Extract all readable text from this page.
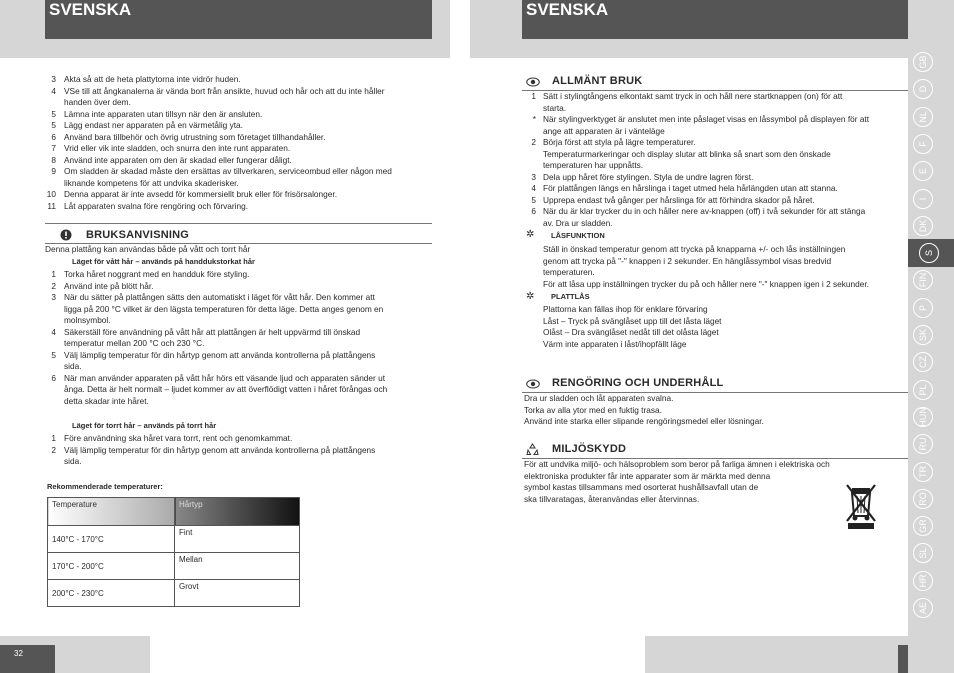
SVENSKA
32
SVENSKA
GB
D
NL
F
E
I
DK
S
FIN
P
SK
CZ
PL
HUN
RU
TR
RO
GR
SL
HR
AE
3 Akta så att de heta plattytorna inte vidrör huden.
4 VSe till att ångkanalerna är vända bort från ansikte, huvud och hår och att du inte håller
handen över dem.
5 Lämna inte apparaten utan tillsyn när den är ansluten.
5 Lägg endast ner apparaten på en värmetålig yta.
6 Använd bara tillbehör och övrig utrustning som företaget tillhandahåller.
7 Vrid eller vik inte sladden, och snurra den inte runt apparaten.
8 Använd inte apparaten om den är skadad eller fungerar dåligt.
9 Om sladden är skadad måste den ersättas av tillverkaren, serviceombud eller någon med
liknande kompetens för att undvika skaderisker.
10 Denna apparat är inte avsedd för kommersiellt bruk eller för frisörsalonger.
11 Låt apparaten svalna före rengöring och förvaring.
BRUKSANVISNING
Denna plattång kan användas både på vått och torrt hår
Läget för vått hår – används på handdukstorkat hår
1 Torka håret noggrant med en handduk före styling.
2 Använd inte på blött hår.
3 När du sätter på plattången sätts den automatiskt i läget för vått hår. Den kommer att
ligga på 200 °C vilket är den lägsta temperaturen för detta läge. Detta anges genom en
molnsymbol.
4 Säkerställ före användning på vått hår att plattången är helt uppvärmd till önskad
temperatur mellan 200 °C och 230 °C.
5 Välj lämplig temperatur för din hårtyp genom att använda kontrollerna på plattångens
sida.
6 När man använder apparaten på vått hår hörs ett väsande ljud och apparaten sänder ut
ånga. Detta är helt normalt – ljudet kommer av att överflödigt vatten i håret förångas och
detta skadar inte håret.
Läget för torrt hår – används på torrt hår
1 Före användning ska håret vara torrt, rent och genomkammat.
2 Välj lämplig temperatur för din hårtyp genom att använda kontrollerna på plattångens
sida.
Rekommenderade temperaturer:
Temperature	Hårtyp
140°C - 170°C	Fint
170°C - 200°C	Mellan
200°C - 230°C	Grovt
ALLMÄNT BRUK
1 Sätt i stylingtångens elkontakt samt tryck in och håll nere startknappen (on) för att
starta.
* När stylingverktyget är anslutet men inte påslaget visas en låssymbol på displayen för att
ange att apparaten är i vänteläge
2 Börja först att styla på lägre temperaturer.
Temperaturmarkeringar och display slutar att blinka så snart som den önskade
temperaturen har uppnåtts.
3 Dela upp håret före stylingen. Styla de undre lagren först.
4 För plattången längs en hårslinga i taget utmed hela hårlängden utan att stanna.
5 Upprepa endast två gånger per hårslinga för att förhindra skador på håret.
6 När du är klar trycker du in och håller nere av-knappen (off) i två sekunder för att stänga
av. Dra ur sladden.
✲ LÅSFUNKTION
Ställ in önskad temperatur genom att trycka på knapparna +/- och lås inställningen
genom att trycka på "-" knappen i 2 sekunder. En hänglåssymbol visas bredvid
temperaturen.
För att låsa upp inställningen trycker du på och håller nere "-" knappen igen i 2 sekunder.
✲ PLATTLÅS
Plattorna kan fällas ihop för enklare förvaring
Låst – Tryck på svänglåset upp till det låsta läget
Olåst – Dra svänglåset nedåt till det olåsta läget
Värm inte apparaten i låst/ihopfällt läge
RENGÖRING OCH UNDERHÅLL
Dra ur sladden och låt apparaten svalna.
Torka av alla ytor med en fuktig trasa.
Använd inte starka eller slipande rengöringsmedel eller lösningar.
MILJÖSKYDD
För att undvika miljö- och hälsoproblem som beror på farliga ämnen i elektriska och
elektroniska produkter får inte apparater som är märkta med denna
symbol kastas tillsammans med osorterat hushållsavfall utan de
ska tillvaratagas, återanvändas eller återvinnas.
